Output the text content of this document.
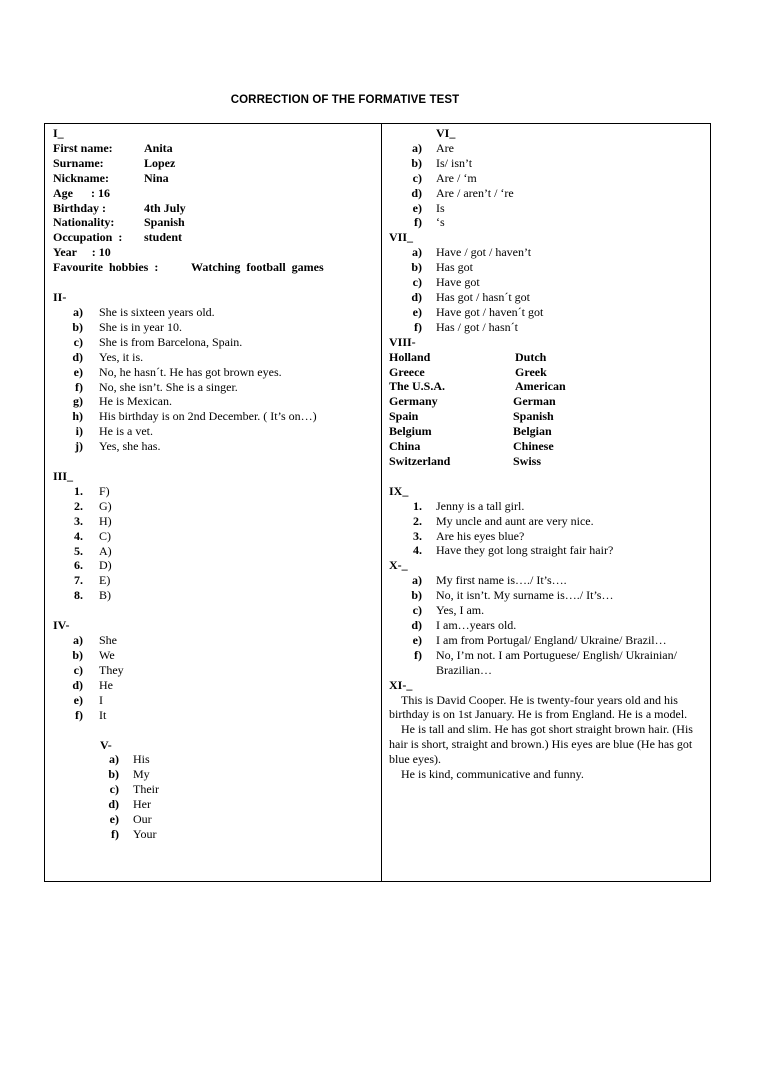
CORRECTION OF THE FORMATIVE TEST
I_
First name:	Anita
Surname:	Lopez
Nickname:	Nina
Age      : 16
Birthday :	4th July
Nationality:	Spanish
Occupation  :	student
Year     : 10
Favourite  hobbies  :	Watching  football  games
II-
a) She is sixteen years old.
b) She is in year 10.
c) She is from Barcelona, Spain.
d) Yes, it is.
e) No, he hasn´t. He has got brown eyes.
f) No, she isn’t. She is a singer.
g) He is Mexican.
h) His birthday is on 2nd December. ( It’s on…)
i) He is a vet.
j) Yes, she has.
III_
1. F)
2. G)
3. H)
4. C)
5. A)
6. D)
7. E)
8. B)
IV-
a) She
b) We
c) They
d) He
e) I
f) It
V-
a) His
b) My
c) Their
d) Her
e) Our
f) Your
VI_
a) Are
b) Is/ isn’t
c) Are / ‘m
d) Are / aren’t / ‘re
e) Is
f) ‘s
VII_
a) Have / got / haven’t
b) Has got
c) Have got
d) Has got / hasn´t got
e) Have got / haven´t got
f) Has / got / hasn´t
VIII-
Holland	Dutch
Greece	Greek
The U.S.A.	American
Germany	German
Spain	Spanish
Belgium	Belgian
China	Chinese
Switzerland	Swiss
IX_
1. Jenny is a tall girl.
2. My uncle and aunt are very nice.
3. Are his eyes blue?
4. Have they got long straight fair hair?
X-_
a) My first name is…./ It’s….
b) No, it isn’t. My surname is…./ It’s…
c) Yes, I am.
d) I am…years old.
e) I am from Portugal/ England/ Ukraine/ Brazil…
f) No, I’m not. I am Portuguese/ English/ Ukrainian/ Brazilian…
XI-_
This is David Cooper. He is twenty-four years old and his birthday is on 1st January. He is from England. He is a model.
He is tall and slim. He has got short straight brown hair. (His hair is short, straight and brown.) His eyes are blue (He has got blue eyes).
He is kind, communicative and funny.
